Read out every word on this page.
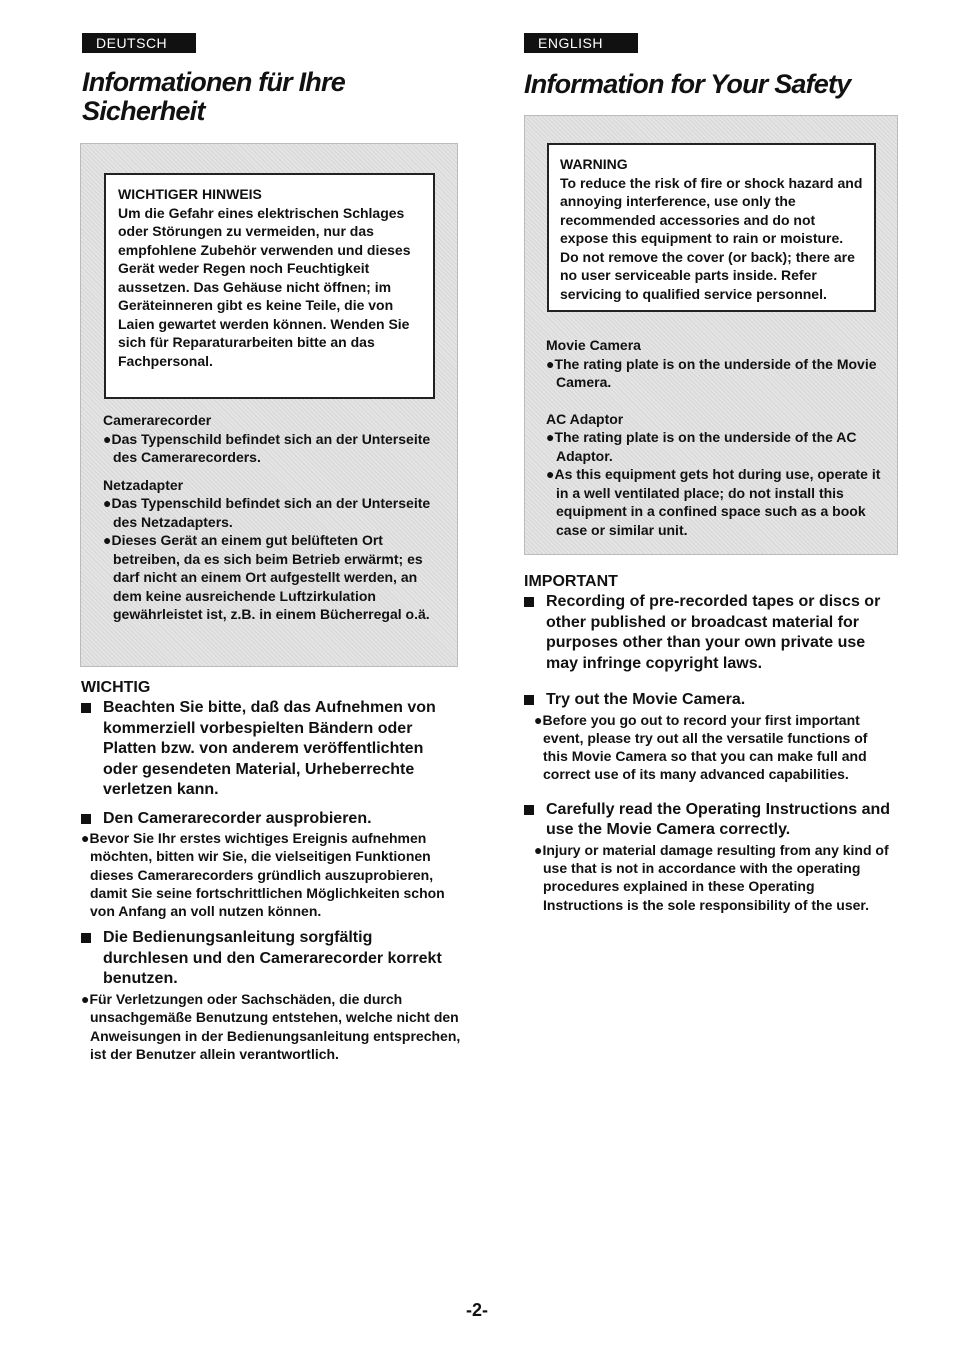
DEUTSCH
Informationen für Ihre
Sicherheit
WICHTIGER HINWEIS

Um die Gefahr eines elektrischen Schlages oder Störungen zu vermeiden, nur das empfohlene Zubehör verwenden und dieses Gerät weder Regen noch Feuchtigkeit aussetzen. Das Gehäuse nicht öffnen; im Geräteinneren gibt es keine Teile, die von Laien gewartet werden können. Wenden Sie sich für Reparaturarbeiten bitte an das Fachpersonal.

Camerarecorder

●Das Typenschild befindet sich an der Unterseite des Camerarecorders.

Netzadapter

●Das Typenschild befindet sich an der Unterseite des Netzadapters.

●Dieses Gerät an einem gut belüfteten Ort betreiben, da es sich beim Betrieb erwärmt; es darf nicht an einem Ort aufgestellt werden, an dem keine ausreichende Luftzirkulation gewährleistet ist, z.B. in einem Bücherregal o.ä.

WICHTIG

Beachten Sie bitte, daß das Aufnehmen von kommerziell vorbespielten Bändern oder Platten bzw. von anderem veröffentlichten oder gesendeten Material, Urheberrechte verletzen kann.

Den Camerarecorder ausprobieren.

●Bevor Sie Ihr erstes wichtiges Ereignis aufnehmen möchten, bitten wir Sie, die vielseitigen Funktionen dieses Camerarecorders gründlich auszuprobieren, damit Sie seine fortschrittlichen Möglichkeiten schon von Anfang an voll nutzen können.

Die Bedienungsanleitung sorgfältig durchlesen und den Camerarecorder korrekt benutzen.

●Für Verletzungen oder Sachschäden, die durch unsachgemäße Benutzung entstehen, welche nicht den Anweisungen in der Bedienungsanleitung entsprechen, ist der Benutzer allein verantwortlich.

ENGLISH
Information for Your Safety
WARNING

To reduce the risk of fire or shock hazard and annoying interference, use only the recommended accessories and do not expose this equipment to rain or moisture. Do not remove the cover (or back); there are no user serviceable parts inside. Refer servicing to qualified service personnel.

Movie Camera

●The rating plate is on the underside of the Movie Camera.

AC Adaptor

●The rating plate is on the underside of the AC Adaptor.

●As this equipment gets hot during use, operate it in a well ventilated place; do not install this equipment in a confined space such as a book case or similar unit.

IMPORTANT

Recording of pre-recorded tapes or discs or other published or broadcast material for purposes other than your own private use may infringe copyright laws.

Try out the Movie Camera.

●Before you go out to record your first important event, please try out all the versatile functions of this Movie Camera so that you can make full and correct use of its many advanced capabilities.

Carefully read the Operating Instructions and use the Movie Camera correctly.

●Injury or material damage resulting from any kind of use that is not in accordance with the operating procedures explained in these Operating Instructions is the sole responsibility of the user.

-2-
